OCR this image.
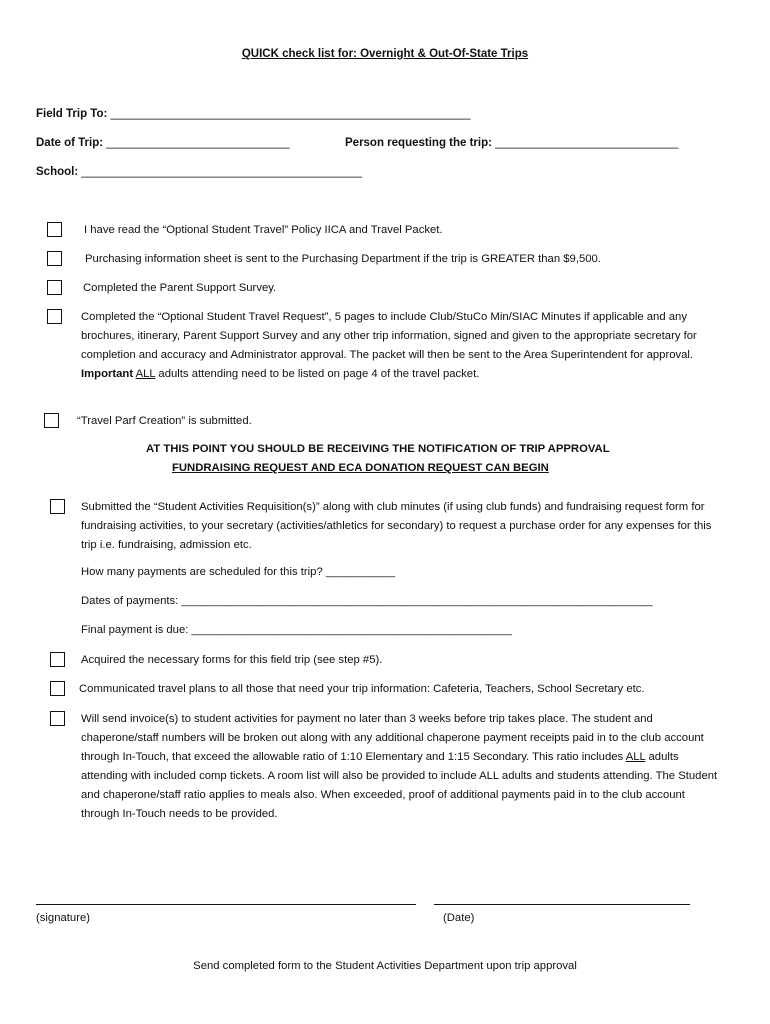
QUICK check list for: Overnight & Out-Of-State Trips
Field Trip To: ___________________________________________________________
Date of Trip: ______________________________	Person requesting the trip: ______________________________
School: ______________________________________________
I have read the “Optional Student Travel” Policy IICA and Travel Packet.
Purchasing information sheet is sent to the Purchasing Department if the trip is GREATER than $9,500.
Completed the Parent Support Survey.
Completed the “Optional Student Travel Request”, 5 pages to include Club/StuCo Min/SIAC Minutes if applicable and any brochures, itinerary, Parent Support Survey and any other trip information, signed and given to the appropriate secretary for completion and accuracy and Administrator approval. The packet will then be sent to the Area Superintendent for approval. Important ALL adults attending need to be listed on page 4 of the travel packet.
“Travel Parf Creation” is submitted.
AT THIS POINT YOU SHOULD BE RECEIVING THE NOTIFICATION OF TRIP APPROVAL
FUNDRAISING REQUEST AND ECA DONATION REQUEST CAN BEGIN
Submitted the “Student Activities Requisition(s)” along with club minutes (if using club funds) and fundraising request form for fundraising activities, to your secretary (activities/athletics for secondary) to request a purchase order for any expenses for this trip i.e. fundraising, admission etc.
How many payments are scheduled for this trip? ___________
Dates of payments: ___________________________________________________________________________
Final payment is due: ___________________________________________________
Acquired the necessary forms for this field trip (see step #5).
Communicated travel plans to all those that need your trip information: Cafeteria, Teachers, School Secretary etc.
Will send invoice(s) to student activities for payment no later than 3 weeks before trip takes place. The student and chaperone/staff numbers will be broken out along with any additional chaperone payment receipts paid in to the club account through In-Touch, that exceed the allowable ratio of 1:10 Elementary and 1:15 Secondary. This ratio includes ALL adults attending with included comp tickets. A room list will also be provided to include ALL adults and students attending. The Student and chaperone/staff ratio applies to meals also. When exceeded, proof of additional payments paid in to the club account through In-Touch needs to be provided.
(signature)	(Date)
Send completed form to the Student Activities Department upon trip approval
